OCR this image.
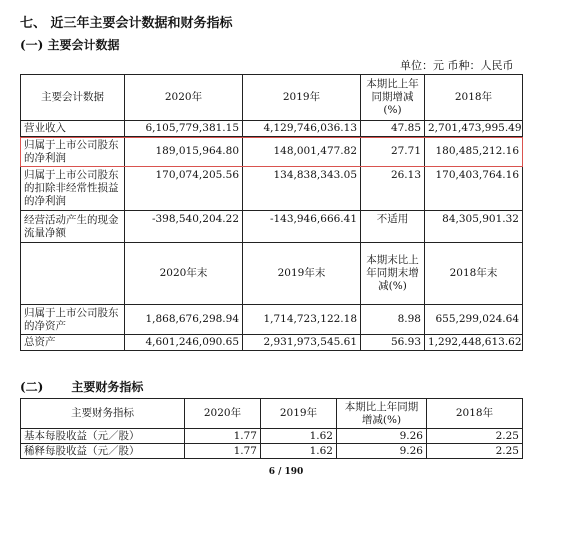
七、 近三年主要会计数据和财务指标
(一) 主要会计数据
单位：元 币种：人民币
主要会计数据	2020年	2019年	本期比上年同期增减(%)	2018年
营业收入	6,105,779,381.15	4,129,746,036.13	47.85	2,701,473,995.49
归属于上市公司股东的净利润	189,015,964.80	148,001,477.82	27.71	180,485,212.16
归属于上市公司股东的扣除非经常性损益的净利润	170,074,205.56	134,838,343.05	26.13	170,403,764.16
经营活动产生的现金流量净额	-398,540,204.22	-143,946,666.41	不适用	84,305,901.32
	2020年末	2019年末	本期末比上年同期末增减(%)	2018年末
归属于上市公司股东的净资产	1,868,676,298.94	1,714,723,122.18	8.98	655,299,024.64
总资产	4,601,246,090.65	2,931,973,545.61	56.93	1,292,448,613.62
(二) 主要财务指标
主要财务指标	2020年	2019年	本期比上年同期增减(%)	2018年
基本每股收益（元／股）	1.77	1.62	9.26	2.25
稀释每股收益（元／股）	1.77	1.62	9.26	2.25
6 / 190
